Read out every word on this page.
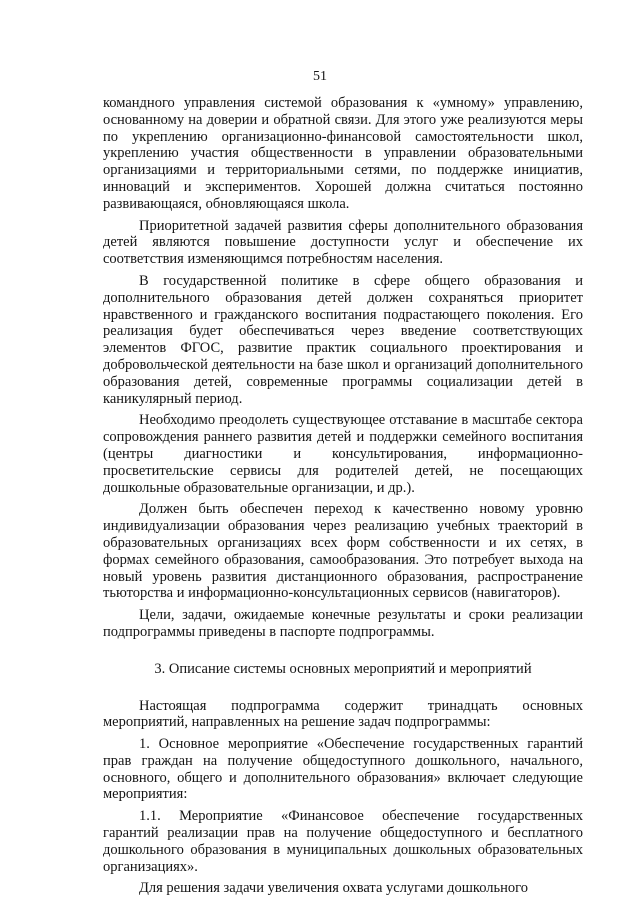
51

командного управления системой образования к «умному» управлению, основанному на доверии и обратной связи. Для этого уже реализуются меры по укреплению организационно-финансовой самостоятельности школ, укреплению участия общественности в управлении образовательными организациями и территориальными сетями, по поддержке инициатив, инноваций и экспериментов. Хорошей должна считаться постоянно развивающаяся, обновляющаяся школа.

Приоритетной задачей развития сферы дополнительного образования детей являются повышение доступности услуг и обеспечение их соответствия изменяющимся потребностям населения.

В государственной политике в сфере общего образования и дополнительного образования детей должен сохраняться приоритет нравственного и гражданского воспитания подрастающего поколения. Его реализация будет обеспечиваться через введение соответствующих элементов ФГОС, развитие практик социального проектирования и добровольческой деятельности на базе школ и организаций дополнительного образования детей, современные программы социализации детей в каникулярный период.

Необходимо преодолеть существующее отставание в масштабе сектора сопровождения раннего развития детей и поддержки семейного воспитания (центры диагностики и консультирования, информационно-просветительские сервисы для родителей детей, не посещающих дошкольные образовательные организации, и др.).

Должен быть обеспечен переход к качественно новому уровню индивидуализации образования через реализацию учебных траекторий в образовательных организациях всех форм собственности и их сетях, в формах семейного образования, самообразования. Это потребует выхода на новый уровень развития дистанционного образования, распространение тьюторства и информационно-консультационных сервисов (навигаторов).

Цели, задачи, ожидаемые конечные результаты и сроки реализации подпрограммы приведены в паспорте подпрограммы.

3. Описание системы основных мероприятий и мероприятий

Настоящая подпрограмма содержит тринадцать основных мероприятий, направленных на решение задач подпрограммы:

1. Основное мероприятие «Обеспечение государственных гарантий прав граждан на получение общедоступного дошкольного, начального, основного, общего и дополнительного образования» включает следующие мероприятия:

1.1. Мероприятие «Финансовое обеспечение государственных гарантий реализации прав на получение общедоступного и бесплатного дошкольного образования в муниципальных дошкольных образовательных организациях».

Для решения задачи увеличения охвата услугами дошкольного
